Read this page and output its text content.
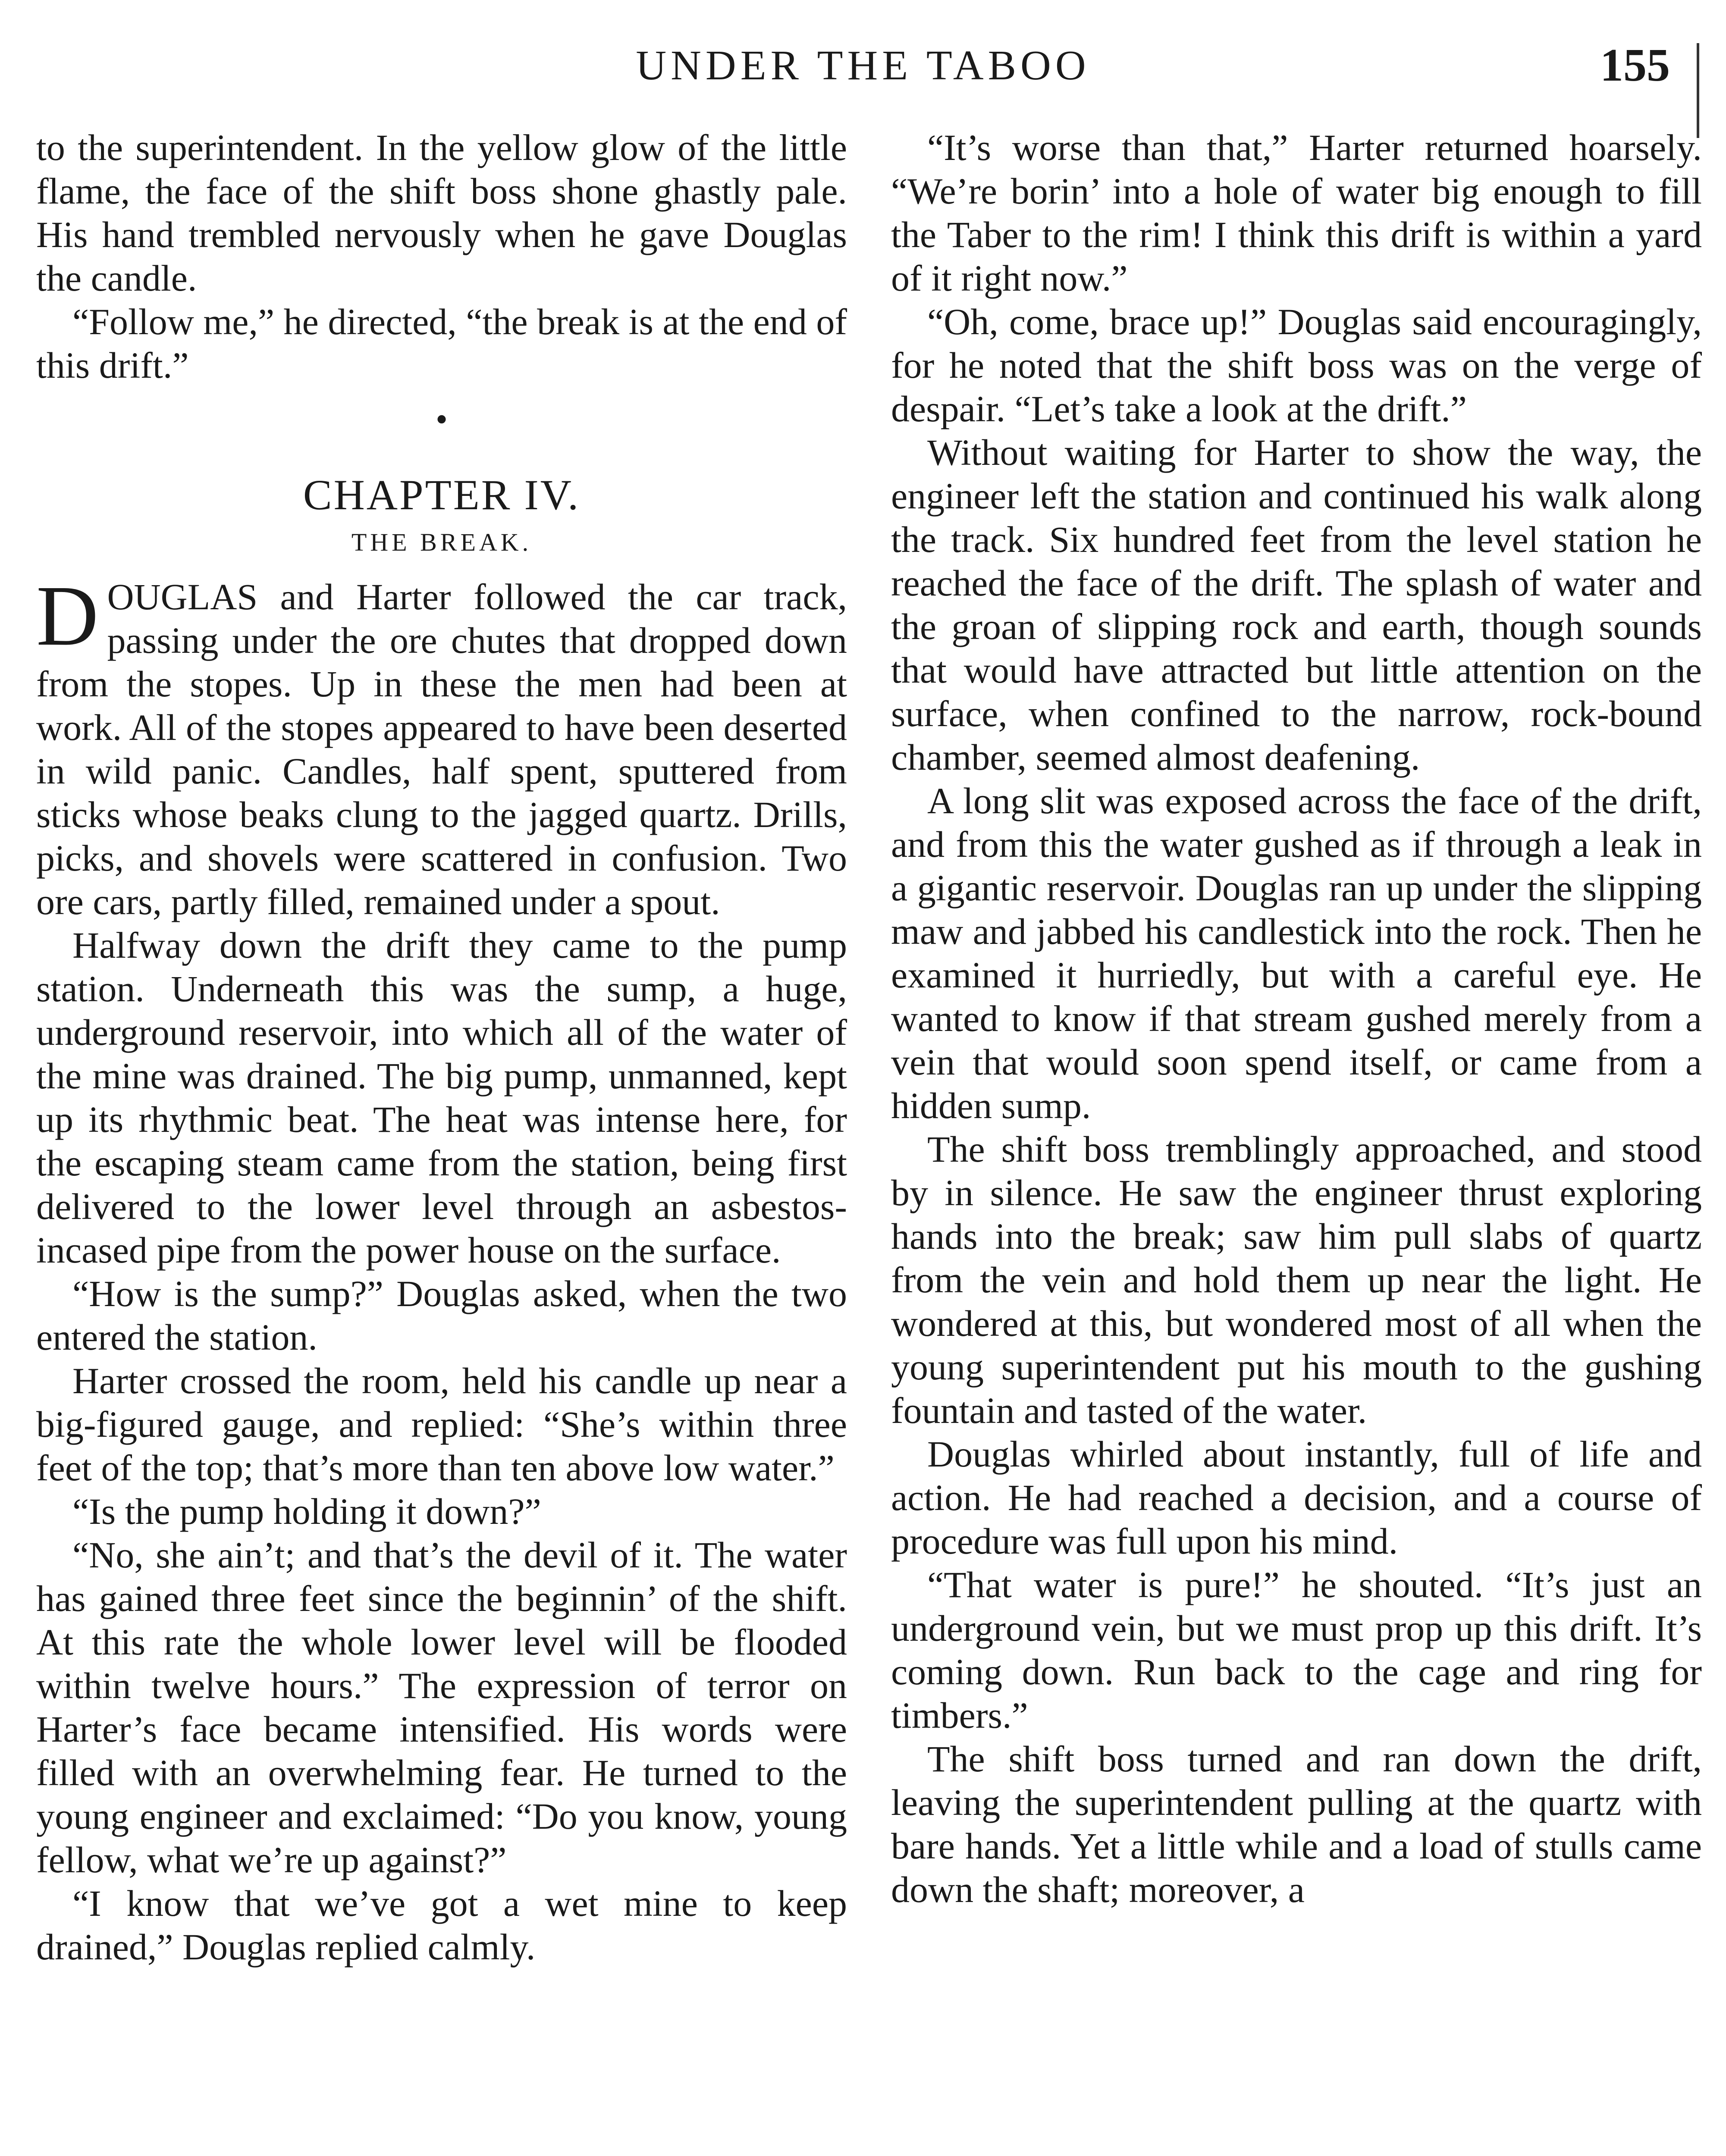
UNDER THE TABOO	155

to the superintendent. In the yellow glow of the little flame, the face of the shift boss shone ghastly pale. His hand trembled nervously when he gave Douglas the candle.

“Follow me,” he directed, “the break is at the end of this drift.”

•
CHAPTER IV.
THE BREAK.

DOUGLAS and Harter followed the car track, passing under the ore chutes that dropped down from the stopes. Up in these the men had been at work. All of the stopes appeared to have been deserted in wild panic. Candles, half spent, sputtered from sticks whose beaks clung to the jagged quartz. Drills, picks, and shovels were scattered in confusion. Two ore cars, partly filled, remained under a spout.

Halfway down the drift they came to the pump station. Underneath this was the sump, a huge, underground reservoir, into which all of the water of the mine was drained. The big pump, unmanned, kept up its rhythmic beat. The heat was intense here, for the escaping steam came from the station, being first delivered to the lower level through an asbestos-incased pipe from the power house on the surface.

“How is the sump?” Douglas asked, when the two entered the station.

Harter crossed the room, held his candle up near a big-figured gauge, and replied: “She’s within three feet of the top; that’s more than ten above low water.”

“Is the pump holding it down?”

“No, she ain’t; and that’s the devil of it. The water has gained three feet since the beginnin’ of the shift. At this rate the whole lower level will be flooded within twelve hours.” The expression of terror on Harter’s face became intensified. His words were filled with an overwhelming fear. He turned to the young engineer and exclaimed: “Do you know, young fellow, what we’re up against?”

“I know that we’ve got a wet mine to keep drained,” Douglas replied calmly.

“It’s worse than that,” Harter returned hoarsely. “We’re borin’ into a hole of water big enough to fill the Taber to the rim! I think this drift is within a yard of it right now.”

“Oh, come, brace up!” Douglas said encouragingly, for he noted that the shift boss was on the verge of despair. “Let’s take a look at the drift.”

Without waiting for Harter to show the way, the engineer left the station and continued his walk along the track. Six hundred feet from the level station he reached the face of the drift. The splash of water and the groan of slipping rock and earth, though sounds that would have attracted but little attention on the surface, when confined to the narrow, rock-bound chamber, seemed almost deafening.

A long slit was exposed across the face of the drift, and from this the water gushed as if through a leak in a gigantic reservoir. Douglas ran up under the slipping maw and jabbed his candlestick into the rock. Then he examined it hurriedly, but with a careful eye. He wanted to know if that stream gushed merely from a vein that would soon spend itself, or came from a hidden sump.

The shift boss tremblingly approached, and stood by in silence. He saw the engineer thrust exploring hands into the break; saw him pull slabs of quartz from the vein and hold them up near the light. He wondered at this, but wondered most of all when the young superintendent put his mouth to the gushing fountain and tasted of the water.

Douglas whirled about instantly, full of life and action. He had reached a decision, and a course of procedure was full upon his mind.

“That water is pure!” he shouted. “It’s just an underground vein, but we must prop up this drift. It’s coming down. Run back to the cage and ring for timbers.”

The shift boss turned and ran down the drift, leaving the superintendent pulling at the quartz with bare hands. Yet a little while and a load of stulls came down the shaft; moreover, a
